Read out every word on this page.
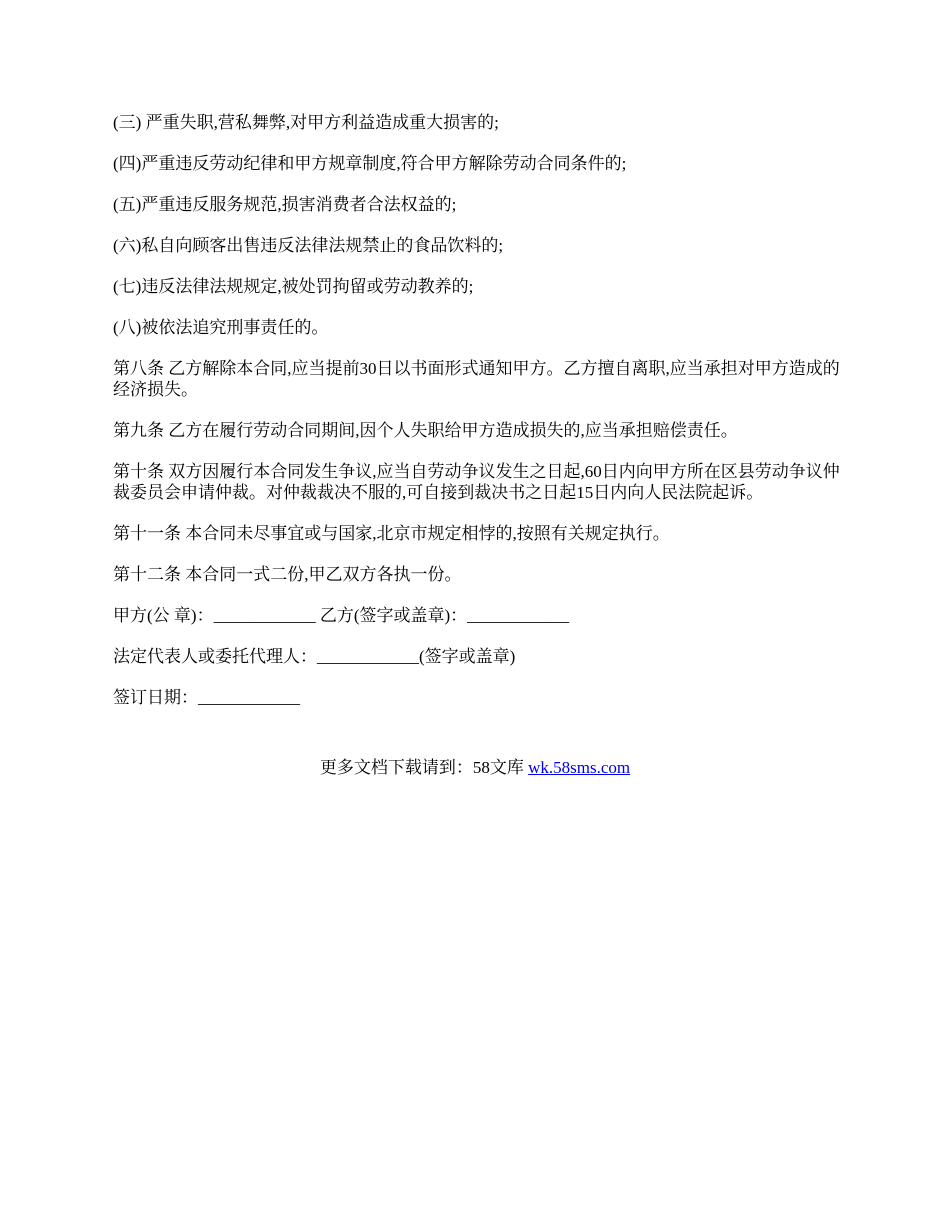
(三) 严重失职,营私舞弊,对甲方利益造成重大损害的;

(四)严重违反劳动纪律和甲方规章制度,符合甲方解除劳动合同条件的;

(五)严重违反服务规范,损害消费者合法权益的;

(六)私自向顾客出售违反法律法规禁止的食品饮料的;

(七)违反法律法规规定,被处罚拘留或劳动教养的;

(八)被依法追究刑事责任的。

第八条 乙方解除本合同,应当提前30日以书面形式通知甲方。乙方擅自离职,应当承担对甲方造成的经济损失。

第九条 乙方在履行劳动合同期间,因个人失职给甲方造成损失的,应当承担赔偿责任。

第十条 双方因履行本合同发生争议,应当自劳动争议发生之日起,60日内向甲方所在区县劳动争议仲裁委员会申请仲裁。对仲裁裁决不服的,可自接到裁决书之日起15日内向人民法院起诉。

第十一条 本合同未尽事宜或与国家,北京市规定相悖的,按照有关规定执行。

第十二条 本合同一式二份,甲乙双方各执一份。

甲方(公 章)：____________ 乙方(签字或盖章)：____________

法定代表人或委托代理人：____________(签字或盖章)

签订日期：____________

更多文档下载请到：58文库 wk.58sms.com
